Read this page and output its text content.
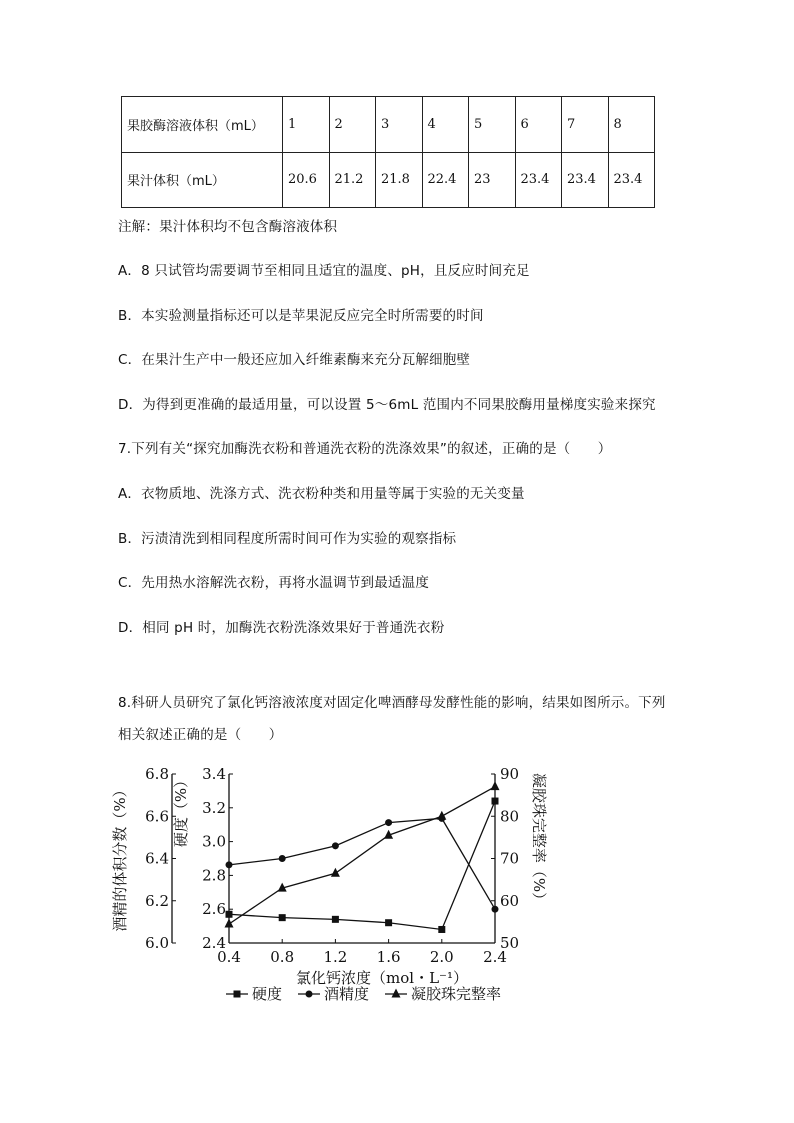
果胶酶溶液体积（mL）	1	2	3	4	5	6	7	8
果汁体积（mL）	20.6	21.2	21.8	22.4	23	23.4	23.4	23.4
注解：果汁体积均不包含酶溶液体积
A．8 只试管均需要调节至相同且适宜的温度、pH，且反应时间充足
B．本实验测量指标还可以是苹果泥反应完全时所需要的时间
C．在果汁生产中一般还应加入纤维素酶来充分瓦解细胞壁
D．为得到更准确的最适用量，可以设置 5～6mL 范围内不同果胶酶用量梯度实验来探究
7.下列有关“探究加酶洗衣粉和普通洗衣粉的洗涤效果”的叙述，正确的是（　　）
A．衣物质地、洗涤方式、洗衣粉种类和用量等属于实验的无关变量
B．污渍清洗到相同程度所需时间可作为实验的观察指标
C．先用热水溶解洗衣粉，再将水温调节到最适温度
D．相同 pH 时，加酶洗衣粉洗涤效果好于普通洗衣粉
8.科研人员研究了氯化钙溶液浓度对固定化啤酒酵母发酵性能的影响，结果如图所示。下列
相关叙述正确的是（　　）
0.4 0.8 1.2 1.6 2.0 2.4
6.0
6.2
6.4
6.6
6.8
2.4
2.6
2.8
3.0
3.2
3.4
50
60
70
80
90
酒精的体积分数（%）	硬度（%）	凝胶珠完整率（%）
氯化钙浓度（mol・L⁻¹）
硬度	酒精度	凝胶珠完整率
